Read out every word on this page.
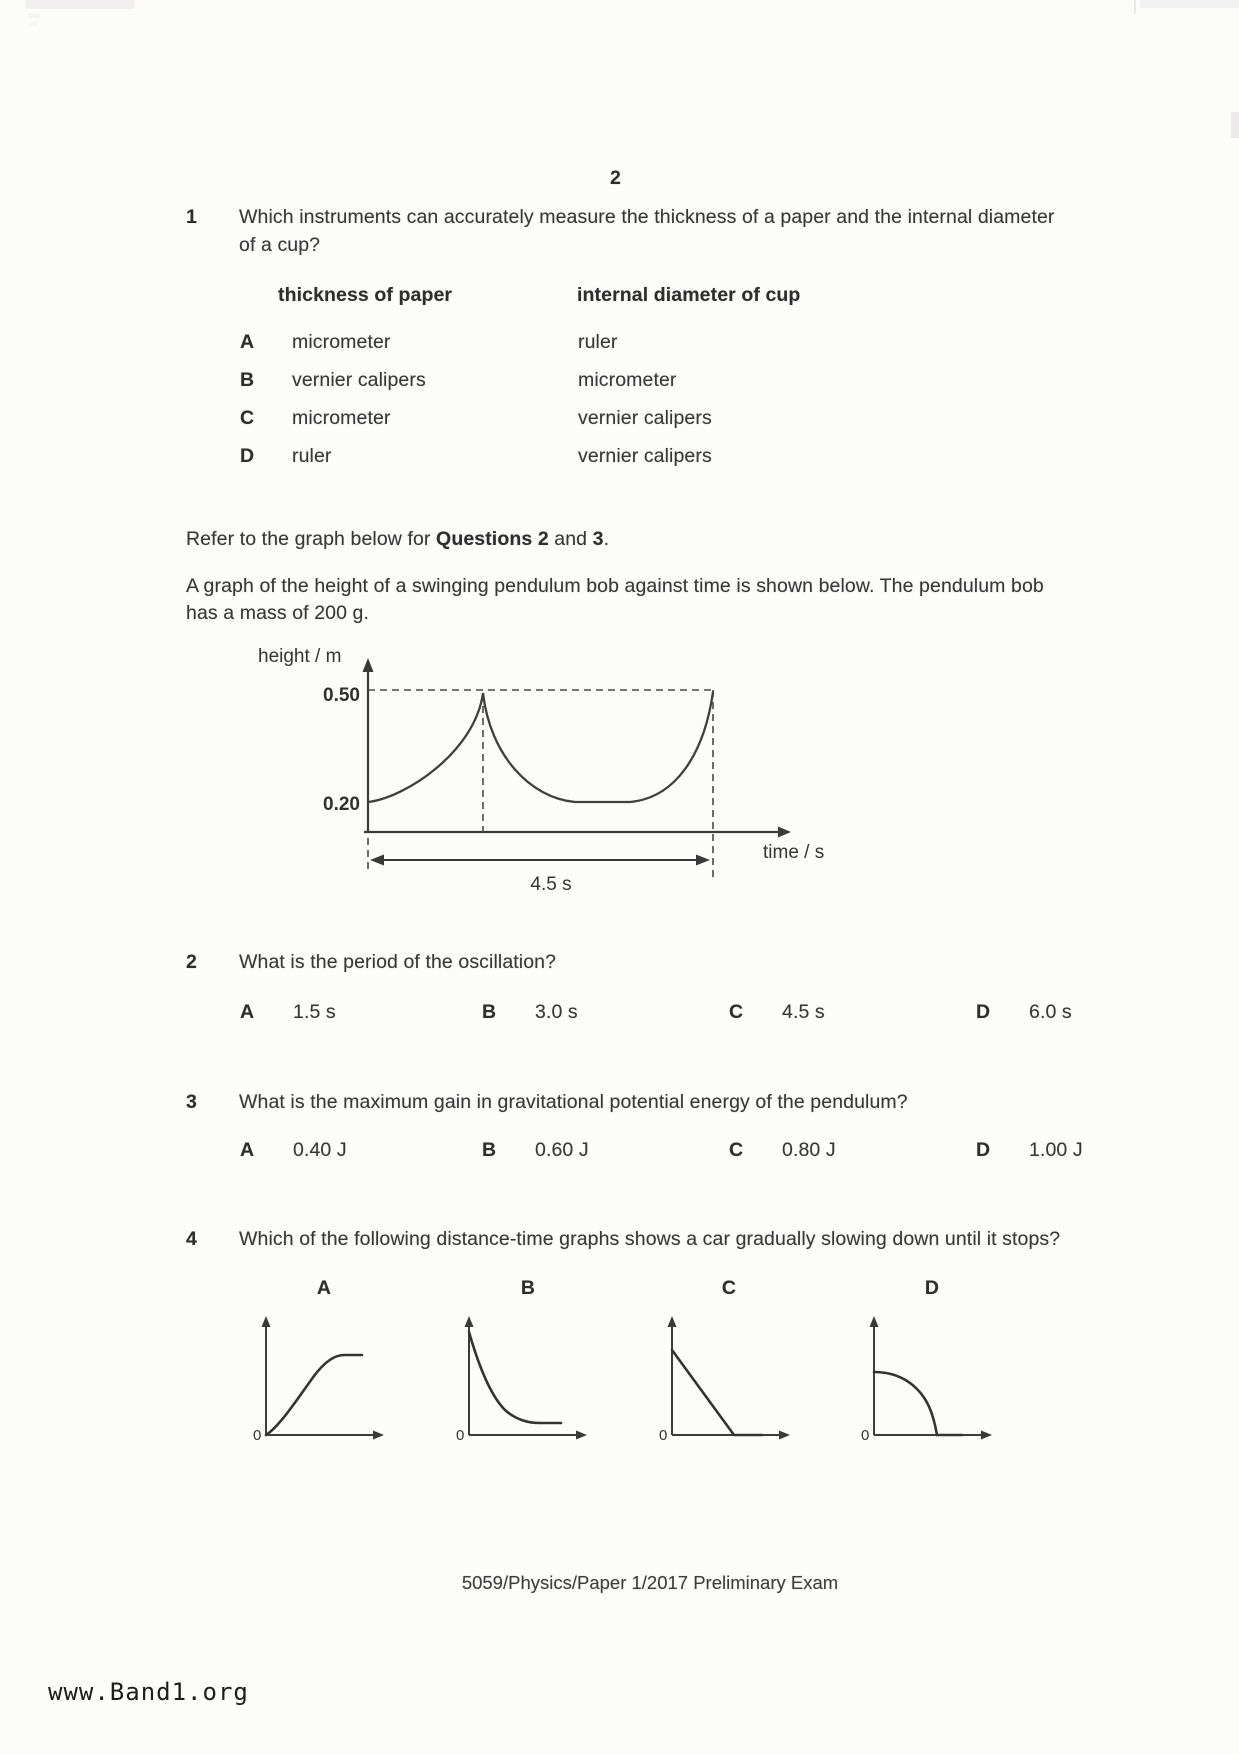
2
1 Which instruments can accurately measure the thickness of a paper and the internal diameter
of a cup?
thickness of paper	internal diameter of cup
A micrometer	ruler
B vernier calipers	micrometer
C micrometer	vernier calipers
D ruler	vernier calipers
Refer to the graph below for Questions 2 and 3.
A graph of the height of a swinging pendulum bob against time is shown below. The pendulum bob
has a mass of 200 g.
height / m
0.50
0.20
time / s
4.5 s
2 What is the period of the oscillation?
A 1.5 s	B 3.0 s	C 4.5 s	D 6.0 s
3 What is the maximum gain in gravitational potential energy of the pendulum?
A 0.40 J	B 0.60 J	C 0.80 J	D 1.00 J
4 Which of the following distance-time graphs shows a car gradually slowing down until it stops?
A	B	C	D
0	0	0	0
5059/Physics/Paper 1/2017 Preliminary Exam
www.Band1.org
